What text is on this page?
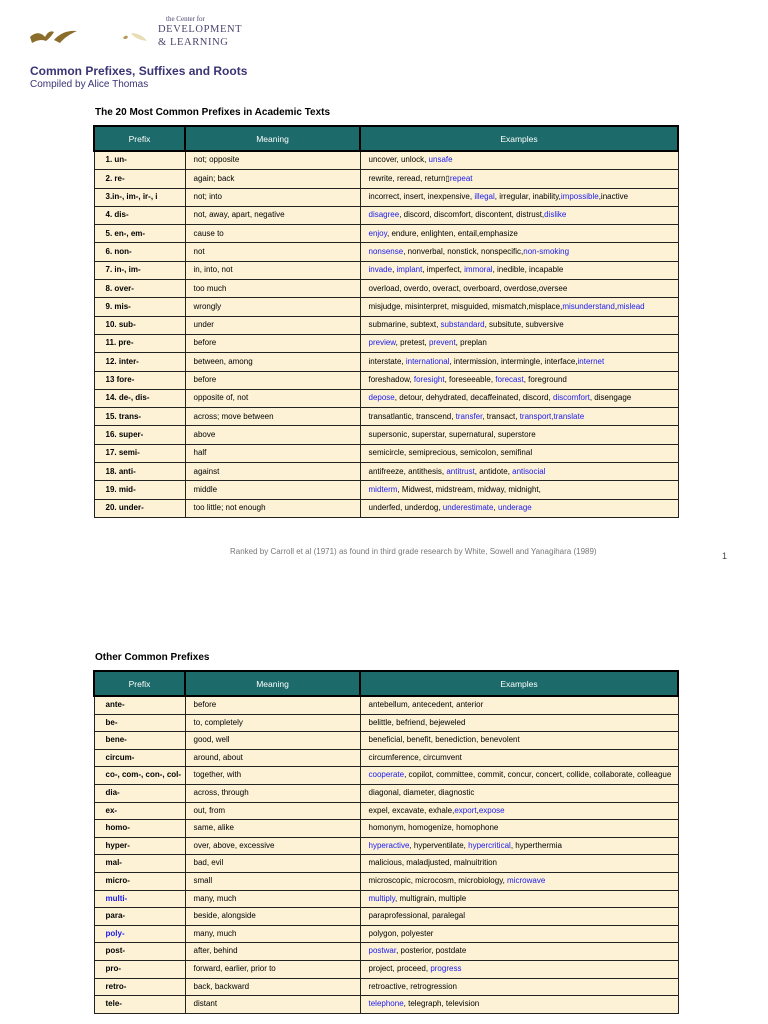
the Center for
DEVELOPMENT
& LEARNING
Common Prefixes, Suffixes and Roots
Compiled by Alice Thomas
The 20 Most Common Prefixes in Academic Texts
Prefix	Meaning	Examples
1. un-	not; opposite	uncover, unlock, unsafe
2. re-	again; back	rewrite, reread, return▯repeat
3.in-, im-, ir-, i	not; into	incorrect, insert, inexpensive, illegal, irregular, inability,impossible,inactive
4. dis-	not, away, apart, negative	disagree, discord, discomfort, discontent, distrust,dislike
5. en-, em-	cause to	enjoy, endure, enlighten, entail,emphasize
6. non-	not	nonsense, nonverbal, nonstick, nonspecific,non-smoking
7. in-, im-	in, into, not	invade, implant, imperfect, immoral, inedible, incapable
8. over-	too much	overload, overdo, overact, overboard, overdose,oversee
9. mis-	wrongly	misjudge, misinterpret, misguided, mismatch,misplace,misunderstand,mislead
10. sub-	under	submarine, subtext, substandard, subsitute, subversive
11. pre-	before	preview, pretest, prevent, preplan
12. inter-	between, among	interstate, international, intermission, intermingle, interface,internet
13 fore-	before	foreshadow, foresight, foreseeable, forecast, foreground
14. de-, dis-	opposite of, not	depose, detour, dehydrated, decaffeinated, discord, discomfort, disengage
15. trans-	across; move between	transatlantic, transcend, transfer, transact, transport,translate
16. super-	above	supersonic, superstar, supernatural, superstore
17. semi-	half	semicircle, semiprecious, semicolon, semifinal
18. anti-	against	antifreeze, antithesis, antitrust, antidote, antisocial
19. mid-	middle	midterm, Midwest, midstream, midway, midnight,
20. under-	too little; not enough	underfed, underdog, underestimate, underage
Ranked by Carroll et al (1971) as found in third grade research by White, Sowell and Yanagihara (1989)	1
Other Common Prefixes
Prefix	Meaning	Examples
ante-	before	antebellum, antecedent, anterior
be-	to, completely	belittle, befriend, bejeweled
bene-	good, well	beneficial, benefit, benediction, benevolent
circum-	around, about	circumference, circumvent
co-, com-, con-, col-	together, with	cooperate, copilot, committee, commit, concur, concert, collide, collaborate, colleague
dia-	across, through	diagonal, diameter, diagnostic
ex-	out, from	expel, excavate, exhale,export,expose
homo-	same, alike	homonym, homogenize, homophone
hyper-	over, above, excessive	hyperactive, hyperventilate, hypercritical, hyperthermia
mal-	bad, evil	malicious, maladjusted, malnuitrition
micro-	small	microscopic, microcosm, microbiology, microwave
multi-	many, much	multiply, multigrain, multiple
para-	beside, alongside	paraprofessional, paralegal
poly-	many, much	polygon, polyester
post-	after, behind	postwar, posterior, postdate
pro-	forward, earlier, prior to	project, proceed, progress
retro-	back, backward	retroactive, retrogression
tele-	distant	telephone, telegraph, television
